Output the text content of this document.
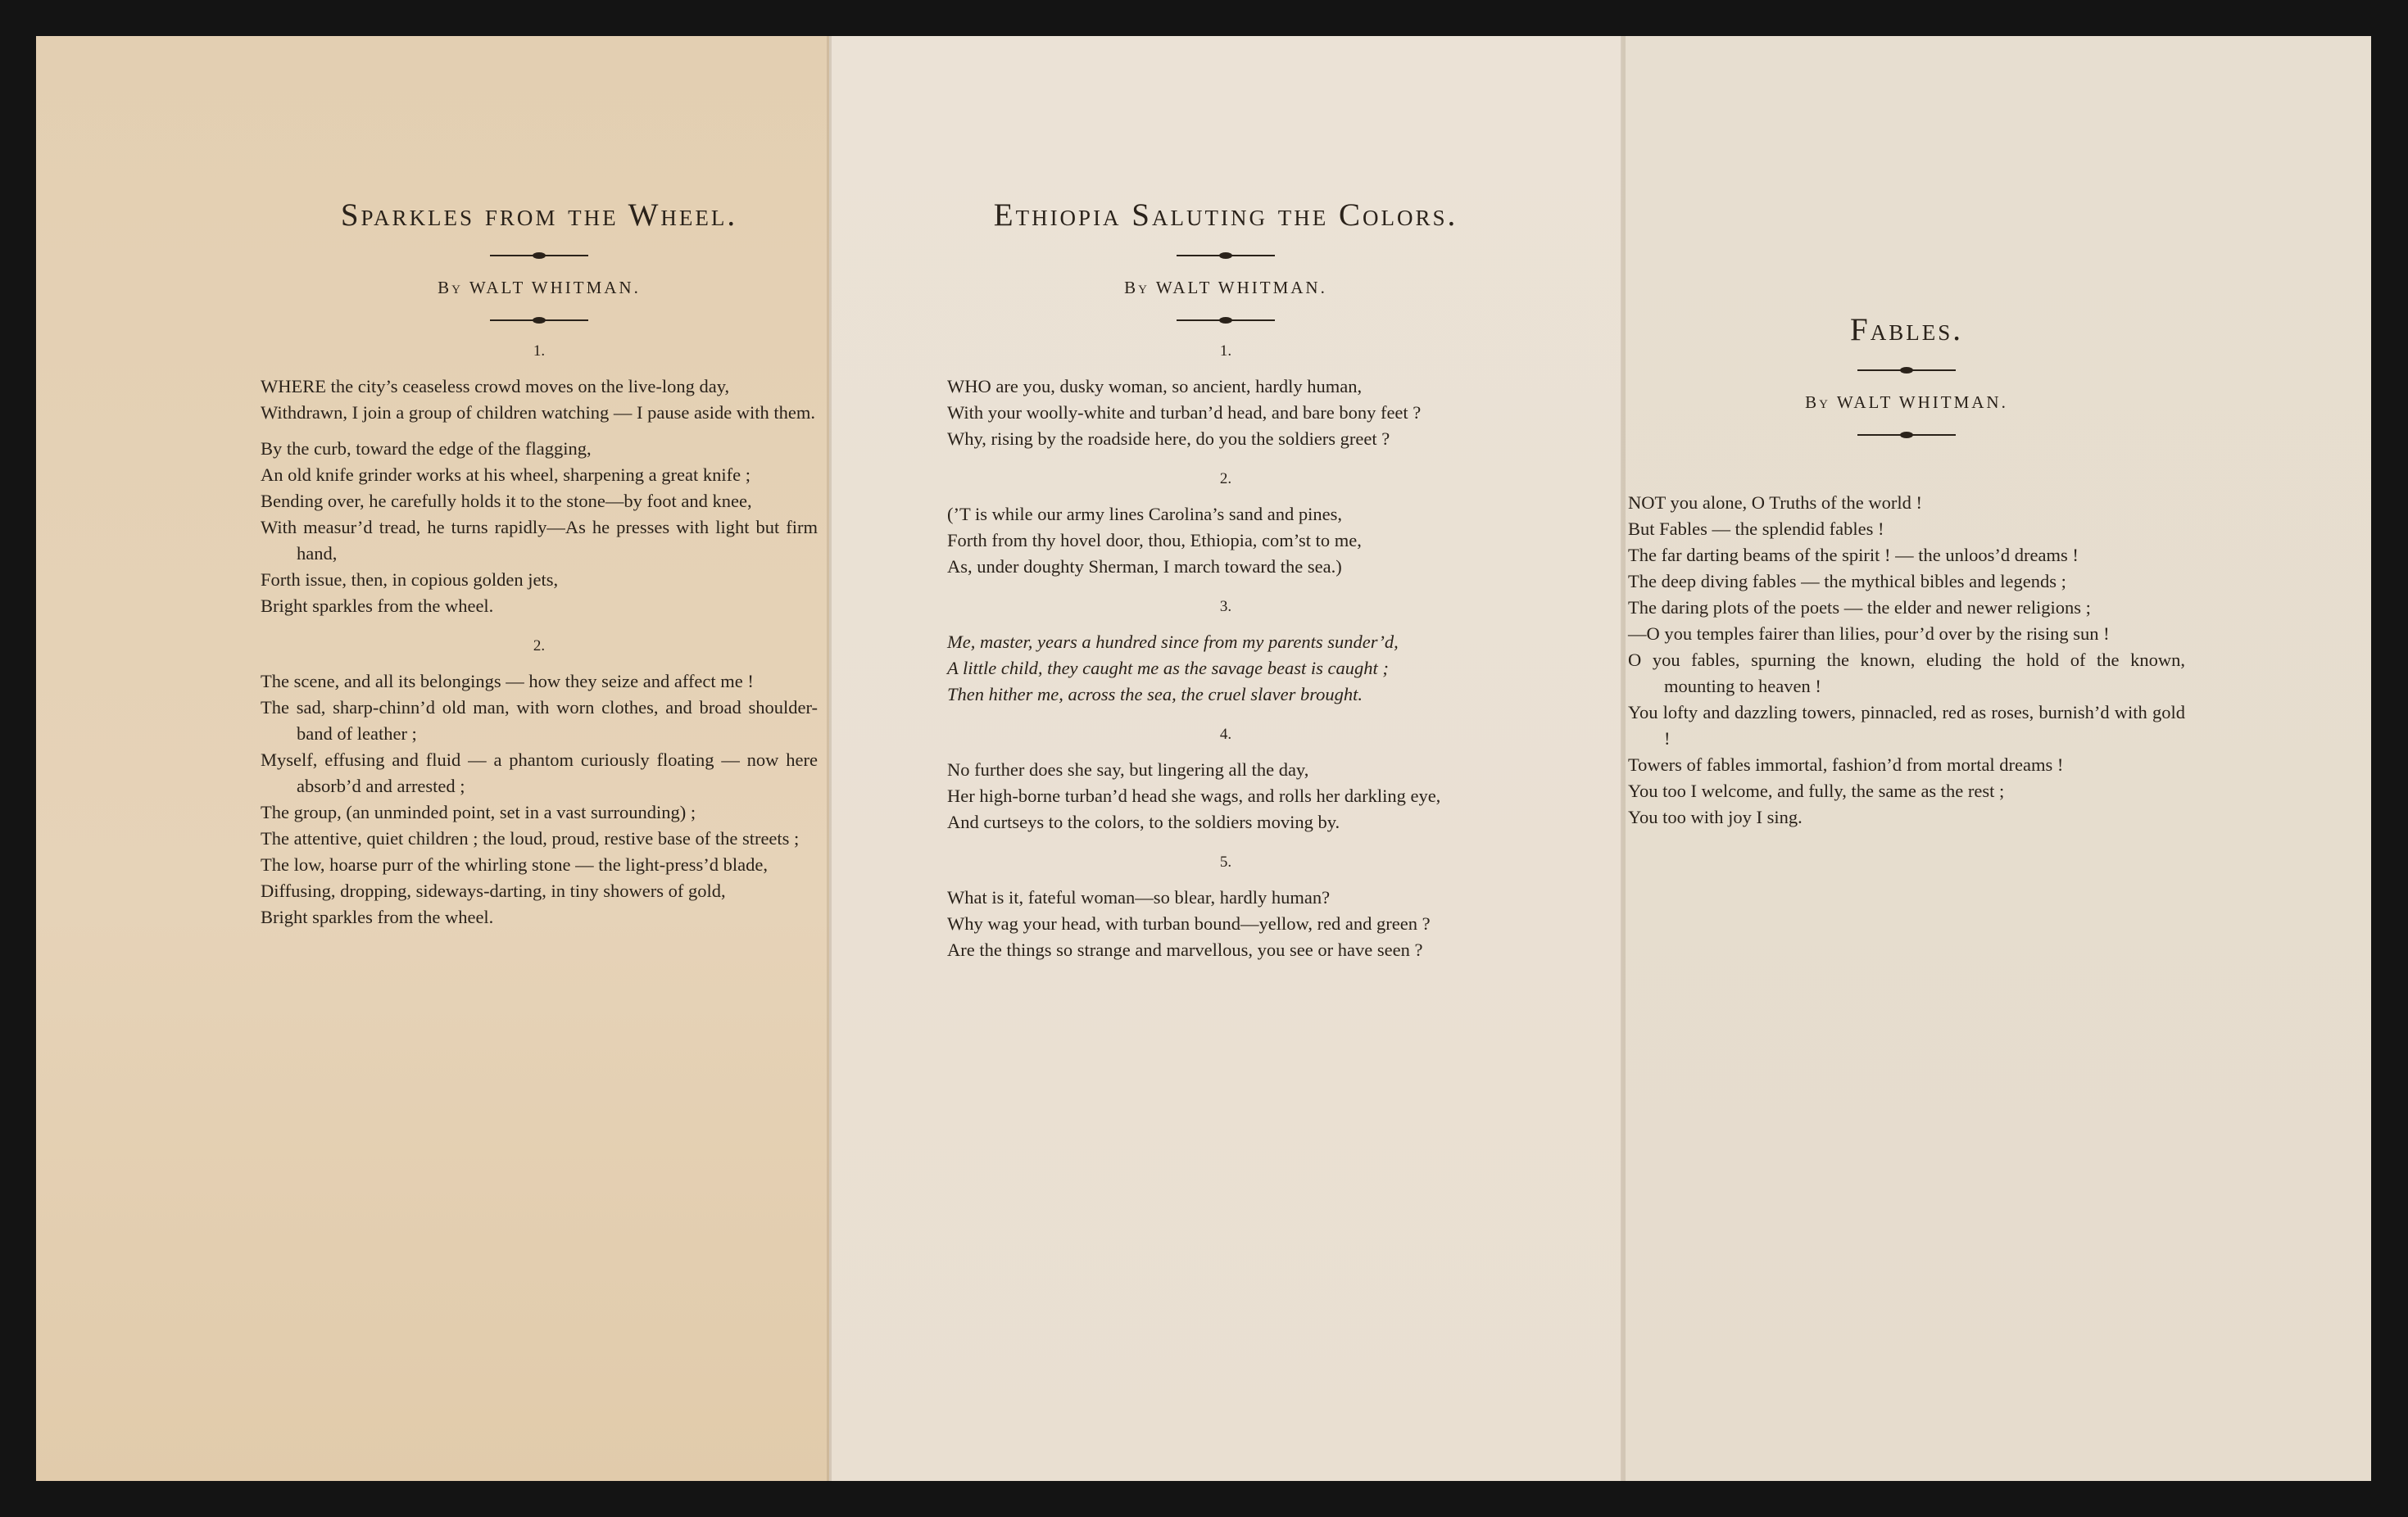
Sparkles from the Wheel.
By WALT WHITMAN.
1.
WHERE the city’s ceaseless crowd moves on the live-long day,
Withdrawn, I join a group of children watching — I pause aside with them.
By the curb, toward the edge of the flagging,
An old knife grinder works at his wheel, sharpening a great knife ;
Bending over, he carefully holds it to the stone—by foot and knee,
With measur’d tread, he turns rapidly—As he presses with light but firm hand,
Forth issue, then, in copious golden jets,
Bright sparkles from the wheel.
2.
The scene, and all its belongings — how they seize and affect me !
The sad, sharp-chinn’d old man, with worn clothes, and broad shoulder-band of leather ;
Myself, effusing and fluid — a phantom curiously floating — now here absorb’d and arrested ;
The group, (an unminded point, set in a vast surrounding) ;
The attentive, quiet children ; the loud, proud, restive base of the streets ;
The low, hoarse purr of the whirling stone — the light-press’d blade,
Diffusing, dropping, sideways-darting, in tiny showers of gold,
Bright sparkles from the wheel.
Ethiopia Saluting the Colors.
By WALT WHITMAN.
1.
WHO are you, dusky woman, so ancient, hardly human,
With your woolly-white and turban’d head, and bare bony feet ?
Why, rising by the roadside here, do you the soldiers greet ?
2.
(’T is while our army lines Carolina’s sand and pines,
Forth from thy hovel door, thou, Ethiopia, com’st to me,
As, under doughty Sherman, I march toward the sea.)
3.
Me, master, years a hundred since from my parents sunder’d,
A little child, they caught me as the savage beast is caught ;
Then hither me, across the sea, the cruel slaver brought.
4.
No further does she say, but lingering all the day,
Her high-borne turban’d head she wags, and rolls her darkling eye,
And curtseys to the colors, to the soldiers moving by.
5.
What is it, fateful woman—so blear, hardly human?
Why wag your head, with turban bound—yellow, red and green ?
Are the things so strange and marvellous, you see or have seen ?
Fables.
By WALT WHITMAN.
NOT you alone, O Truths of the world !
But Fables — the splendid fables !
The far darting beams of the spirit ! — the unloos’d dreams !
The deep diving fables — the mythical bibles and legends ;
The daring plots of the poets — the elder and newer religions ;
—O you temples fairer than lilies, pour’d over by the rising sun !
O you fables, spurning the known, eluding the hold of the known, mounting to heaven !
You lofty and dazzling towers, pinnacled, red as roses, burnish’d with gold !
Towers of fables immortal, fashion’d from mortal dreams !
You too I welcome, and fully, the same as the rest ;
You too with joy I sing.
